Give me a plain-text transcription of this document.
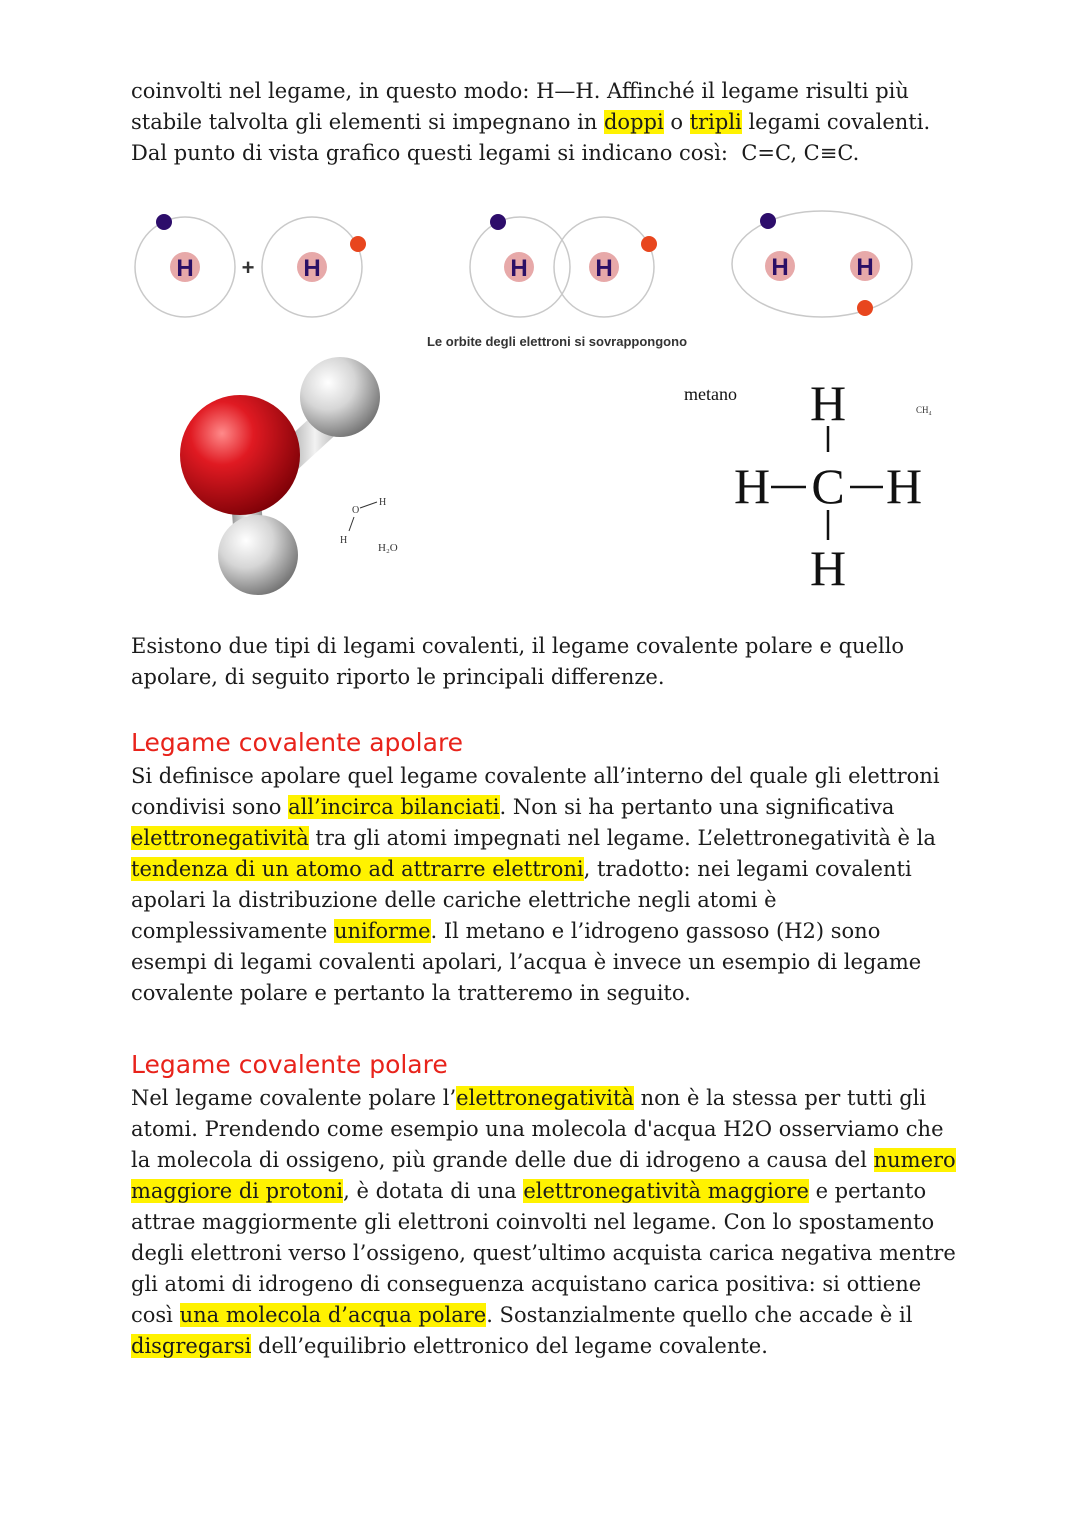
coinvolti nel legame, in questo modo: H—H. Affinché il legame risulti più
stabile talvolta gli elementi si impegnano in doppi o tripli legami covalenti.
Dal punto di vista grafico questi legami si indicano così:  C=C, C≡C.
H	H
+	H	H	H	H
Le orbite degli elettroni si sovrappongono
O
H
H
H₂O
metano
CH₄
H
H C H
H
Esistono due tipi di legami covalenti, il legame covalente polare e quello
apolare, di seguito riporto le principali differenze.
Legame covalente apolare
Si definisce apolare quel legame covalente all’interno del quale gli elettroni
condivisi sono all’incirca bilanciati. Non si ha pertanto una significativa
elettronegatività tra gli atomi impegnati nel legame. L’elettronegatività è la
tendenza di un atomo ad attrarre elettroni, tradotto: nei legami covalenti
apolari la distribuzione delle cariche elettriche negli atomi è
complessivamente uniforme. Il metano e l’idrogeno gassoso (H2) sono
esempi di legami covalenti apolari, l’acqua è invece un esempio di legame
covalente polare e pertanto la tratteremo in seguito.
Legame covalente polare
Nel legame covalente polare l’elettronegatività non è la stessa per tutti gli
atomi. Prendendo come esempio una molecola d'acqua H2O osserviamo che
la molecola di ossigeno, più grande delle due di idrogeno a causa del numero
maggiore di protoni, è dotata di una elettronegatività maggiore e pertanto
attrae maggiormente gli elettroni coinvolti nel legame. Con lo spostamento
degli elettroni verso l’ossigeno, quest’ultimo acquista carica negativa mentre
gli atomi di idrogeno di conseguenza acquistano carica positiva: si ottiene
così una molecola d’acqua polare. Sostanzialmente quello che accade è il
disgregarsi dell’equilibrio elettronico del legame covalente.
